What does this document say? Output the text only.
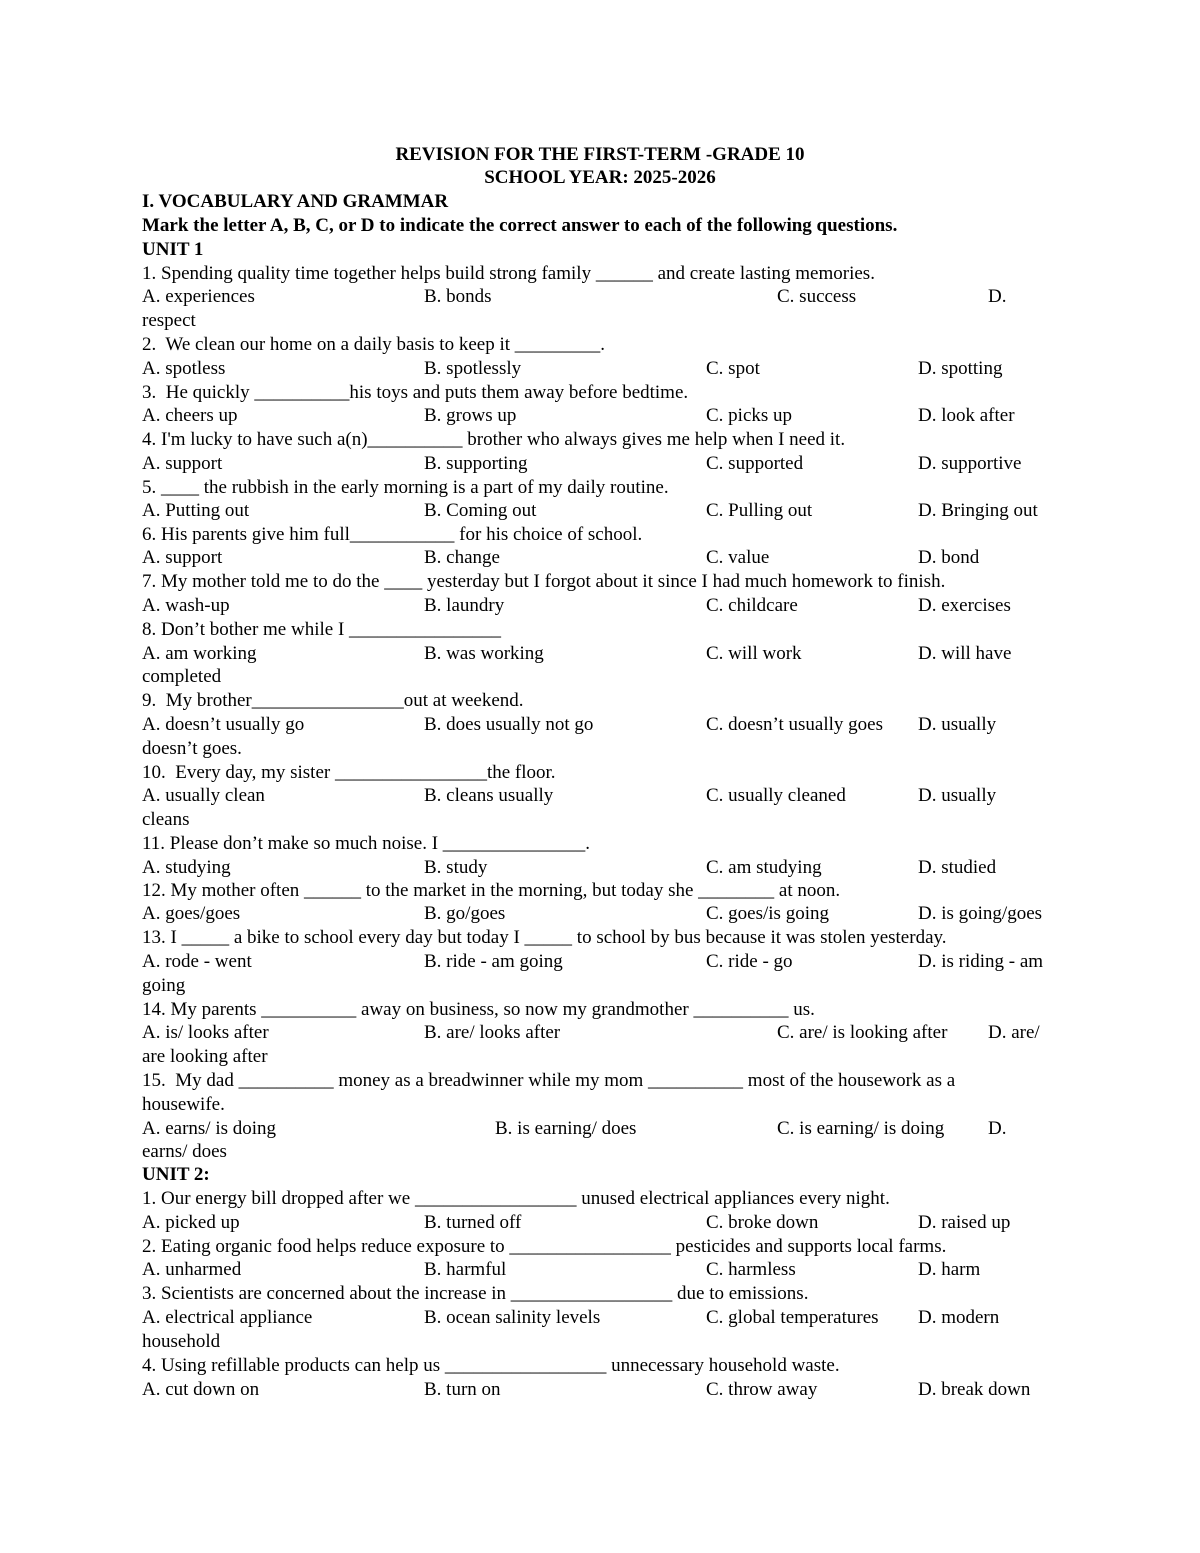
REVISION FOR THE FIRST-TERM -GRADE 10
SCHOOL YEAR: 2025-2026
I. VOCABULARY AND GRAMMAR
Mark the letter A, B, C, or D to indicate the correct answer to each of the following questions.
UNIT 1
1. Spending quality time together helps build strong family ______ and create lasting memories.
A. experiences	B. bonds	C. success	D.
respect
2.  We clean our home on a daily basis to keep it _________.
A. spotless	B. spotlessly	C. spot	D. spotting
3.  He quickly __________his toys and puts them away before bedtime.
A. cheers up	B. grows up	C. picks up	D. look after
4. I'm lucky to have such a(n)__________ brother who always gives me help when I need it.
A. support	B. supporting	C. supported	D. supportive
5. ____ the rubbish in the early morning is a part of my daily routine.
A. Putting out	B. Coming out	C. Pulling out	D. Bringing out
6. His parents give him full___________ for his choice of school.
A. support	B. change	C. value	D. bond
7. My mother told me to do the ____ yesterday but I forgot about it since I had much homework to finish.
A. wash-up	B. laundry	C. childcare	D. exercises
8. Don’t bother me while I ________________
A. am working	B. was working	C. will work	D. will have
completed
9.  My brother________________out at weekend.
A. doesn’t usually go	B. does usually not go	C. doesn’t usually goes D. usually
doesn’t goes.
10.  Every day, my sister ________________the floor.
A. usually clean	B. cleans usually	C. usually cleaned	D. usually
cleans
11. Please don’t make so much noise. I _______________.
A. studying	B. study	C. am studying	D. studied
12. My mother often ______ to the market in the morning, but today she ________ at noon.
A. goes/goes	B. go/goes	C. goes/is going	D. is going/goes
13. I _____ a bike to school every day but today I _____ to school by bus because it was stolen yesterday.
A. rode - went	B. ride - am going	C. ride - go	D. is riding - am
going
14. My parents __________ away on business, so now my grandmother __________ us.
A. is/ looks after	B. are/ looks after	C. are/ is looking after D. are/
are looking after
15.  My dad __________ money as a breadwinner while my mom __________ most of the housework as a
housewife.
A. earns/ is doing	B. is earning/ does	C. is earning/ is doing D.
earns/ does
UNIT 2:
1. Our energy bill dropped after we _________________ unused electrical appliances every night.
A. picked up	B. turned off	C. broke down	D. raised up
2. Eating organic food helps reduce exposure to _________________ pesticides and supports local farms.
A. unharmed	B. harmful	C. harmless	D. harm
3. Scientists are concerned about the increase in _________________ due to emissions.
A. electrical appliance	B. ocean salinity levels	C. global temperatures D. modern
household
4. Using refillable products can help us _________________ unnecessary household waste.
A. cut down on	B. turn on	C. throw away	D. break down
